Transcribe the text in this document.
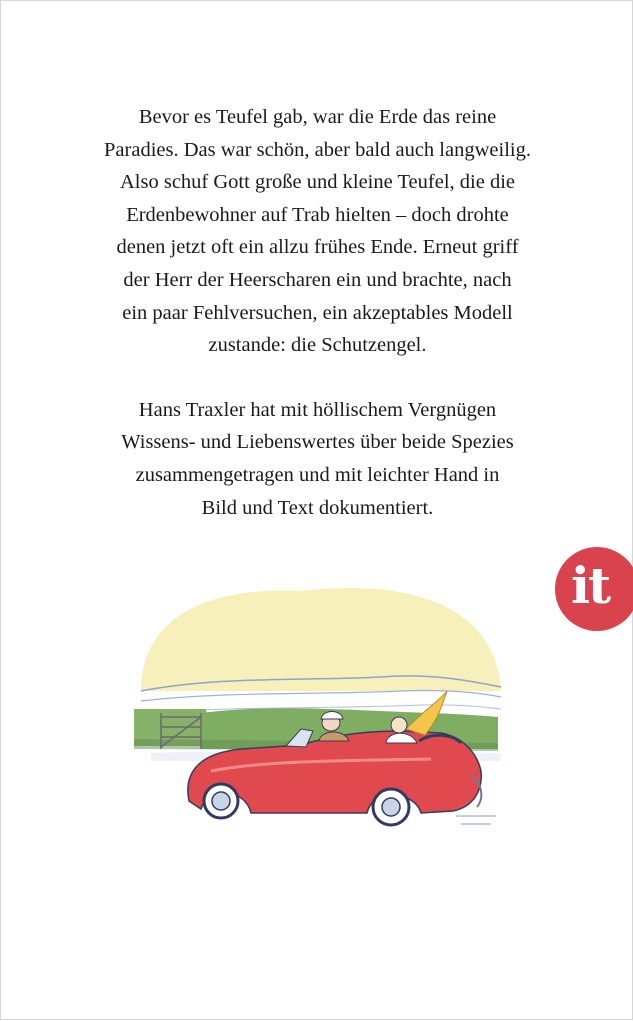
Bevor es Teufel gab, war die Erde das reine
Paradies. Das war schön, aber bald auch langweilig.
Also schuf Gott große und kleine Teufel, die die
Erdenbewohner auf Trab hielten – doch drohte
denen jetzt oft ein allzu frühes Ende. Erneut griff
der Herr der Heerscharen ein und brachte, nach
ein paar Fehlversuchen, ein akzeptables Modell
zustande: die Schutzengel.

Hans Traxler hat mit höllischem Vergnügen
Wissens- und Liebenswertes über beide Spezies
zusammengetragen und mit leichter Hand in
Bild und Text dokumentiert.

it
